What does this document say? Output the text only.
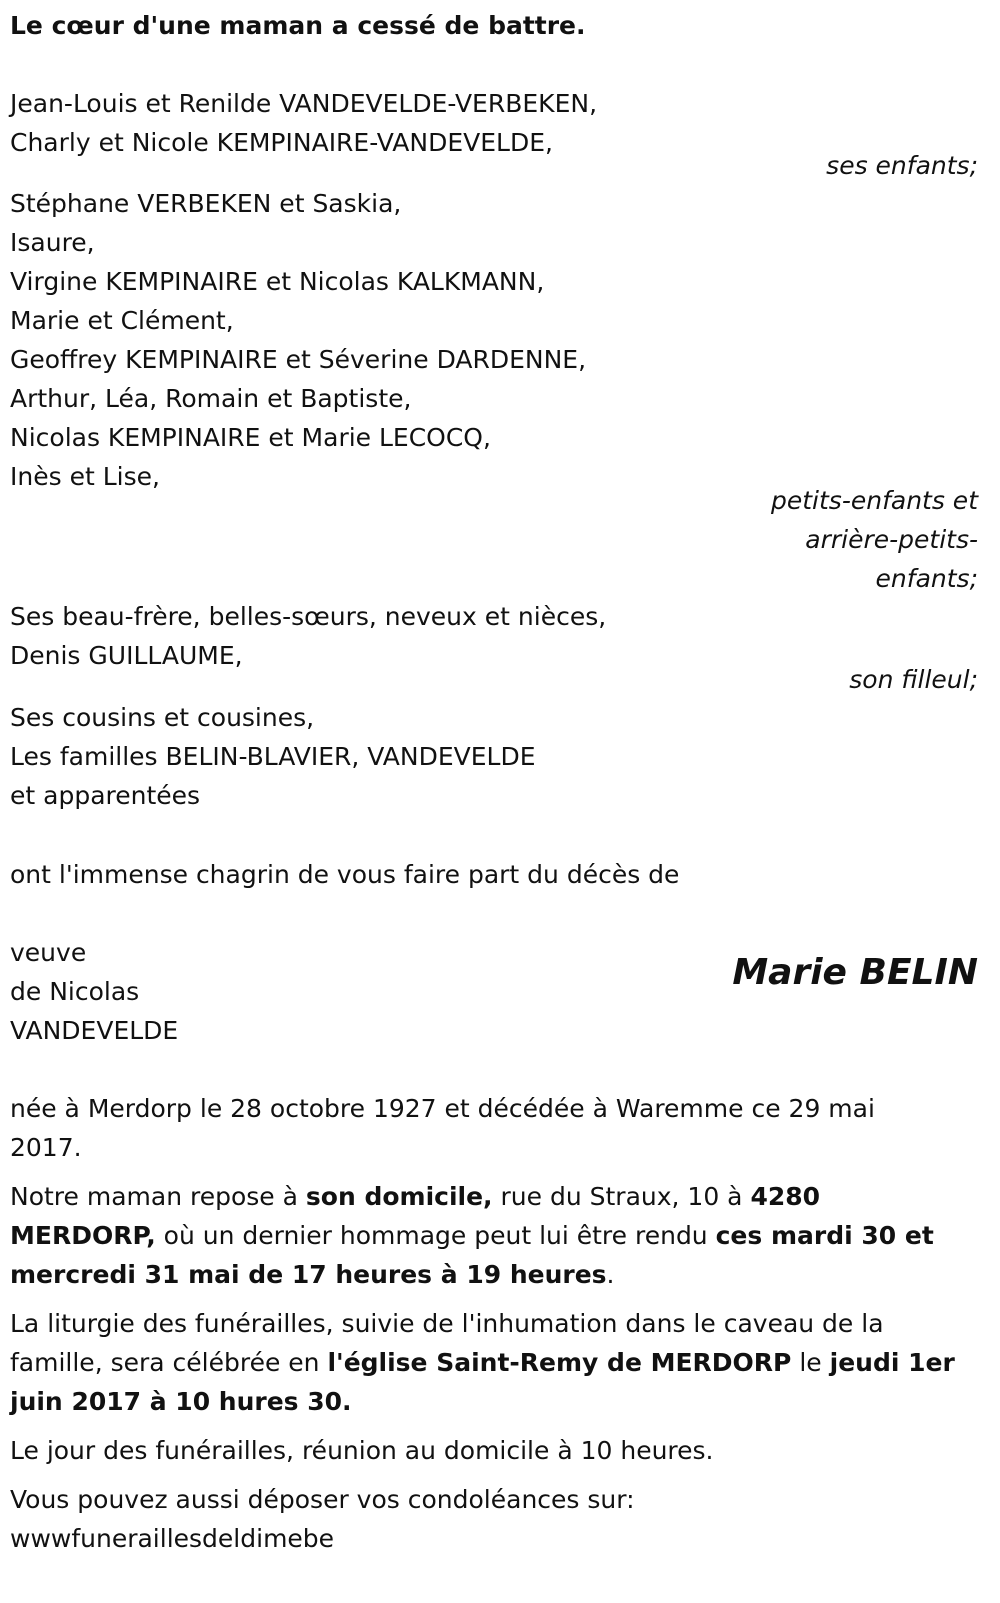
Le cœur d'une maman a cessé de battre.
Jean-Louis et Renilde VANDEVELDE-VERBEKEN,
Charly et Nicole KEMPINAIRE-VANDEVELDE,
ses enfants;
Stéphane VERBEKEN et Saskia,
Isaure,
Virgine KEMPINAIRE et Nicolas KALKMANN,
Marie et Clément,
Geoffrey KEMPINAIRE et Séverine DARDENNE,
Arthur, Léa, Romain et Baptiste,
Nicolas KEMPINAIRE et Marie LECOCQ,
Inès et Lise,
petits-enfants et
arrière-petits-
enfants;
Ses beau-frère, belles-sœurs, neveux et nièces,
Denis GUILLAUME,
son filleul;
Ses cousins et cousines,
Les familles BELIN-BLAVIER, VANDEVELDE
et apparentées
ont l'immense chagrin de vous faire part du décès de
veuve
de Nicolas
VANDEVELDE
Marie BELIN
née à Merdorp le 28 octobre 1927 et décédée à Waremme ce 29 mai
2017.
Notre maman repose à son domicile, rue du Straux, 10 à 4280
MERDORP, où un dernier hommage peut lui être rendu ces mardi 30 et
mercredi 31 mai de 17 heures à 19 heures.
La liturgie des funérailles, suivie de l'inhumation dans le caveau de la
famille, sera célébrée en l'église Saint-Remy de MERDORP le jeudi 1er
juin 2017 à 10 hures 30.
Le jour des funérailles, réunion au domicile à 10 heures.
Vous pouvez aussi déposer vos condoléances sur:
wwwfuneraillesdeldimebe
